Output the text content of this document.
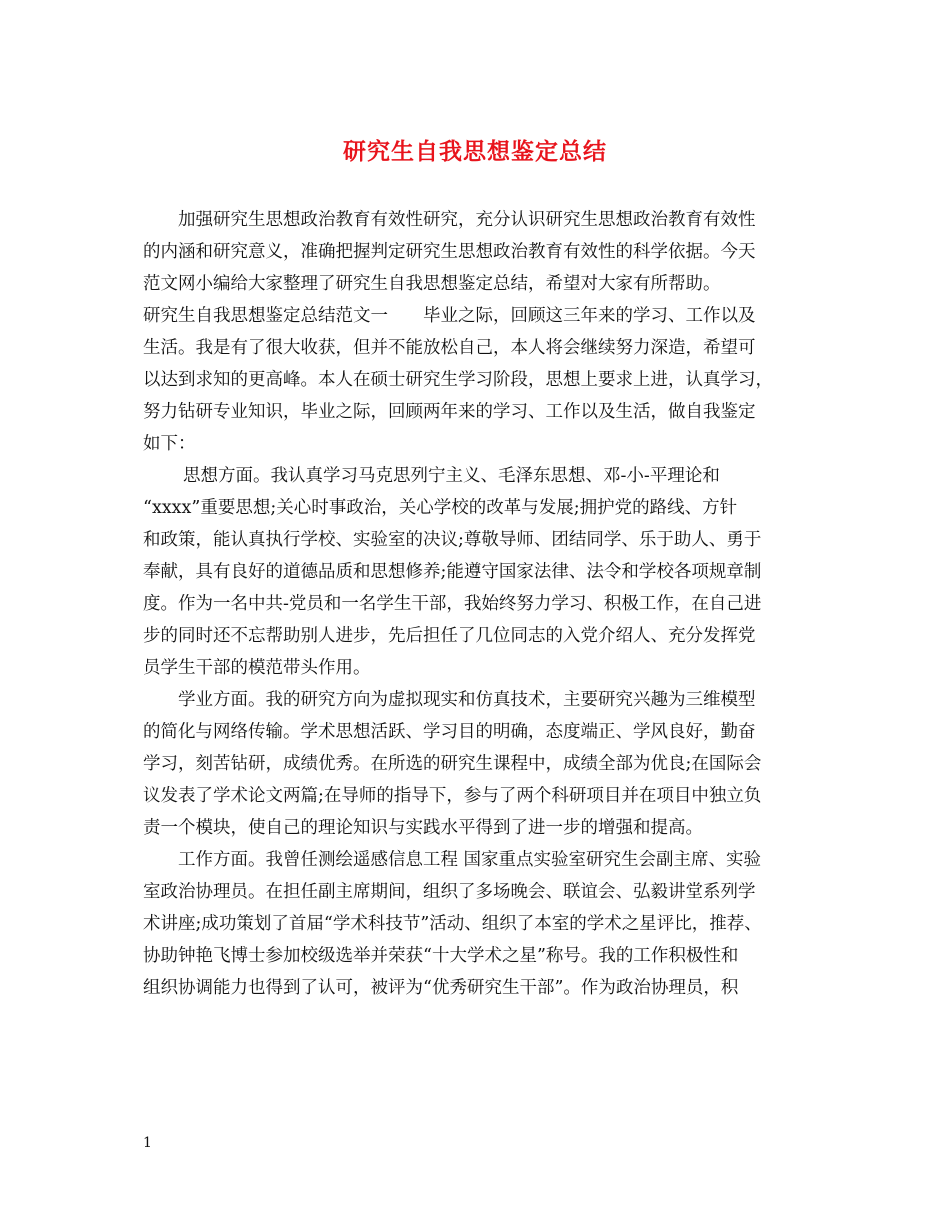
研究生自我思想鉴定总结
加强研究生思想政治教育有效性研究，充分认识研究生思想政治教育有效性
的内涵和研究意义，准确把握判定研究生思想政治教育有效性的科学依据。今天
范文网小编给大家整理了研究生自我思想鉴定总结，希望对大家有所帮助。
研究生自我思想鉴定总结范文一　　毕业之际，回顾这三年来的学习、工作以及
生活。我是有了很大收获，但并不能放松自己，本人将会继续努力深造，希望可
以达到求知的更高峰。本人在硕士研究生学习阶段，思想上要求上进，认真学习，
努力钻研专业知识，毕业之际，回顾两年来的学习、工作以及生活，做自我鉴定
如下：
思想方面。我认真学习马克思列宁主义、毛泽东思想、邓-小-平理论和
“xxxx”重要思想;关心时事政治，关心学校的改革与发展;拥护党的路线、方针
和政策，能认真执行学校、实验室的决议;尊敬导师、团结同学、乐于助人、勇于
奉献，具有良好的道德品质和思想修养;能遵守国家法律、法令和学校各项规章制
度。作为一名中共-党员和一名学生干部，我始终努力学习、积极工作，在自己进
步的同时还不忘帮助别人进步，先后担任了几位同志的入党介绍人、充分发挥党
员学生干部的模范带头作用。
学业方面。我的研究方向为虚拟现实和仿真技术，主要研究兴趣为三维模型
的简化与网络传输。学术思想活跃、学习目的明确，态度端正、学风良好，勤奋
学习，刻苦钻研，成绩优秀。在所选的研究生课程中，成绩全部为优良;在国际会
议发表了学术论文两篇;在导师的指导下，参与了两个科研项目并在项目中独立负
责一个模块，使自己的理论知识与实践水平得到了进一步的增强和提高。
工作方面。我曾任测绘遥感信息工程 国家重点实验室研究生会副主席、实验
室政治协理员。在担任副主席期间，组织了多场晚会、联谊会、弘毅讲堂系列学
术讲座;成功策划了首届“学术科技节”活动、组织了本室的学术之星评比，推荐、
协助钟艳飞博士参加校级选举并荣获“十大学术之星”称号。我的工作积极性和
组织协调能力也得到了认可，被评为“优秀研究生干部”。作为政治协理员，积
1
